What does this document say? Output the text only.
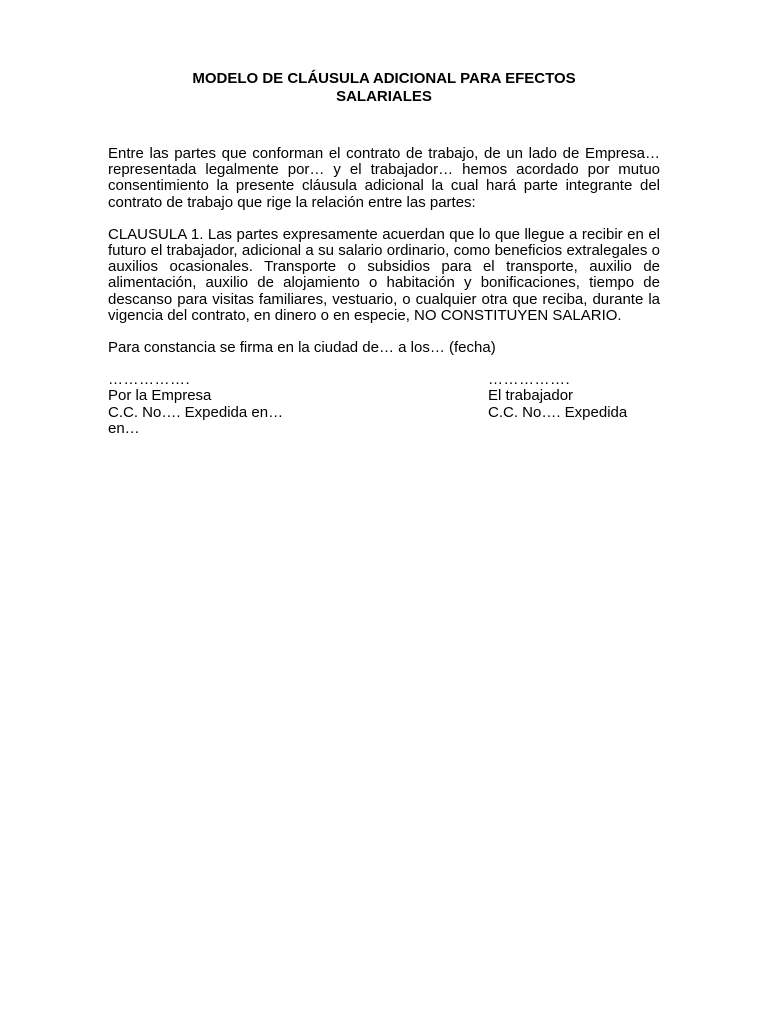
MODELO DE CLÁUSULA ADICIONAL PARA EFECTOS
SALARIALES

Entre las partes que conforman el contrato de trabajo, de un lado de Empresa… representada legalmente por… y el trabajador… hemos acordado por mutuo consentimiento la presente cláusula adicional la cual hará parte integrante del contrato de trabajo que rige la relación entre las partes:

CLAUSULA 1. Las partes expresamente acuerdan que lo que llegue a recibir en el futuro el trabajador, adicional a su salario ordinario, como beneficios extralegales o auxilios ocasionales. Transporte o subsidios para el transporte, auxilio de alimentación, auxilio de alojamiento o habitación y bonificaciones, tiempo de descanso para visitas familiares, vestuario, o cualquier otra que reciba, durante la vigencia del contrato, en dinero o en especie, NO CONSTITUYEN SALARIO.

Para constancia se firma en la ciudad de… a los… (fecha)

…………….	…………….
Por la Empresa	El trabajador
C.C. No…. Expedida en…	C.C. No…. Expedida
en…
